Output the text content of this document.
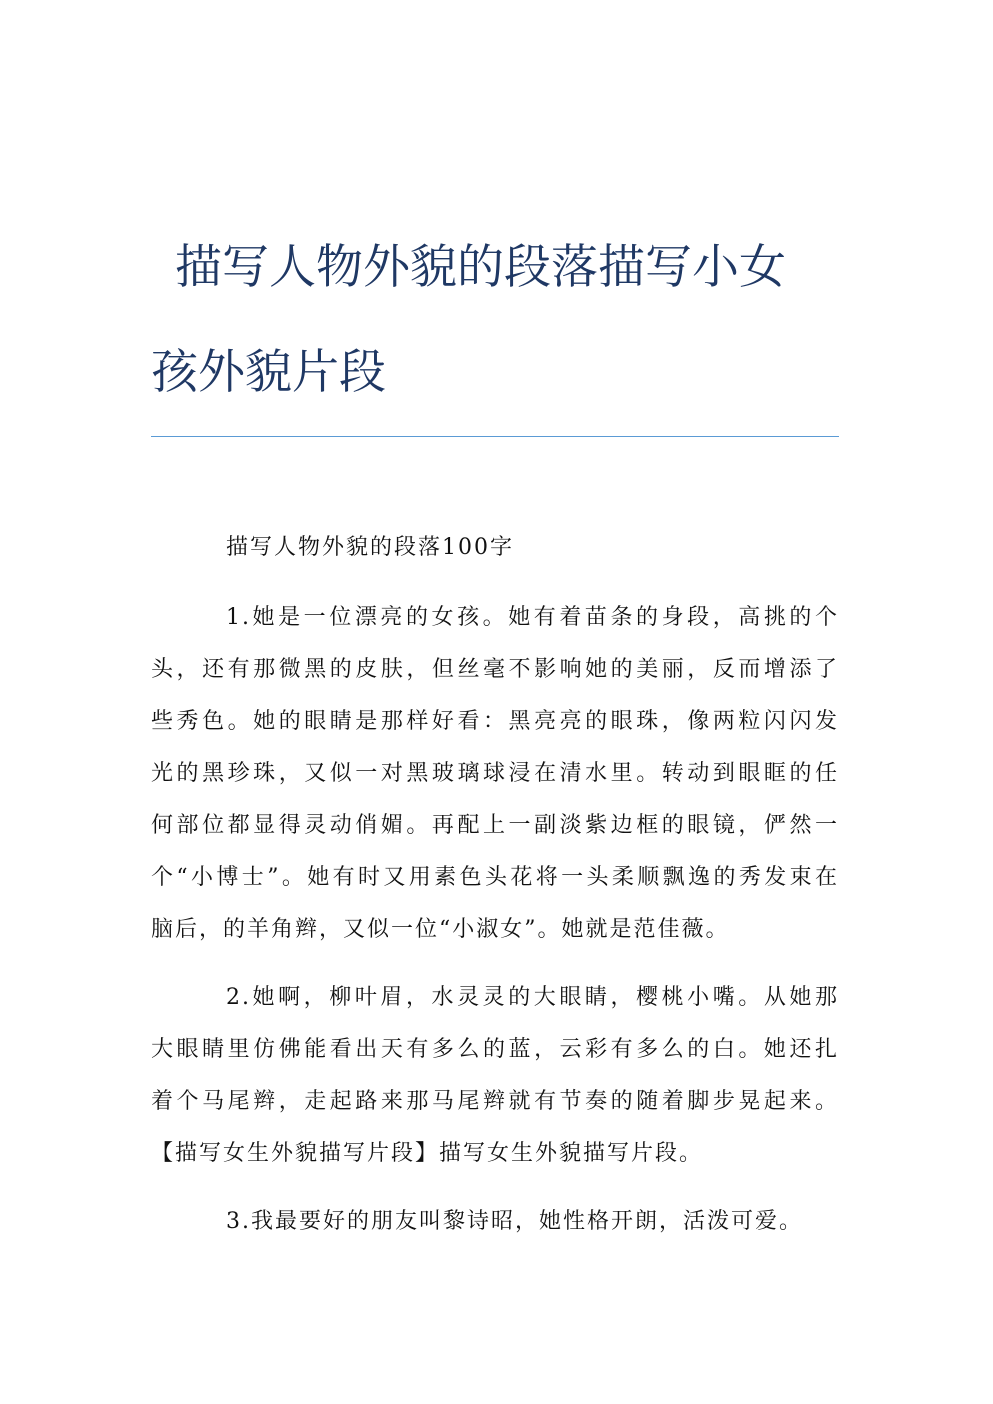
描写人物外貌的段落描写小女
孩外貌片段
描写人物外貌的段落100字
1.她是一位漂亮的女孩。她有着苗条的身段，高挑的个
头，还有那微黑的皮肤，但丝毫不影响她的美丽，反而增添了
些秀色。她的眼睛是那样好看：黑亮亮的眼珠，像两粒闪闪发
光的黑珍珠，又似一对黑玻璃球浸在清水里。转动到眼眶的任
何部位都显得灵动俏媚。再配上一副淡紫边框的眼镜，俨然一
个“小博士”。她有时又用素色头花将一头柔顺飘逸的秀发束在
脑后，的羊角辫，又似一位“小淑女”。她就是范佳薇。
2.她啊，柳叶眉，水灵灵的大眼睛，樱桃小嘴。从她那
大眼睛里仿佛能看出天有多么的蓝，云彩有多么的白。她还扎
着个马尾辫，走起路来那马尾辫就有节奏的随着脚步晃起来。
【描写女生外貌描写片段】描写女生外貌描写片段。
3.我最要好的朋友叫黎诗昭，她性格开朗，活泼可爱。
